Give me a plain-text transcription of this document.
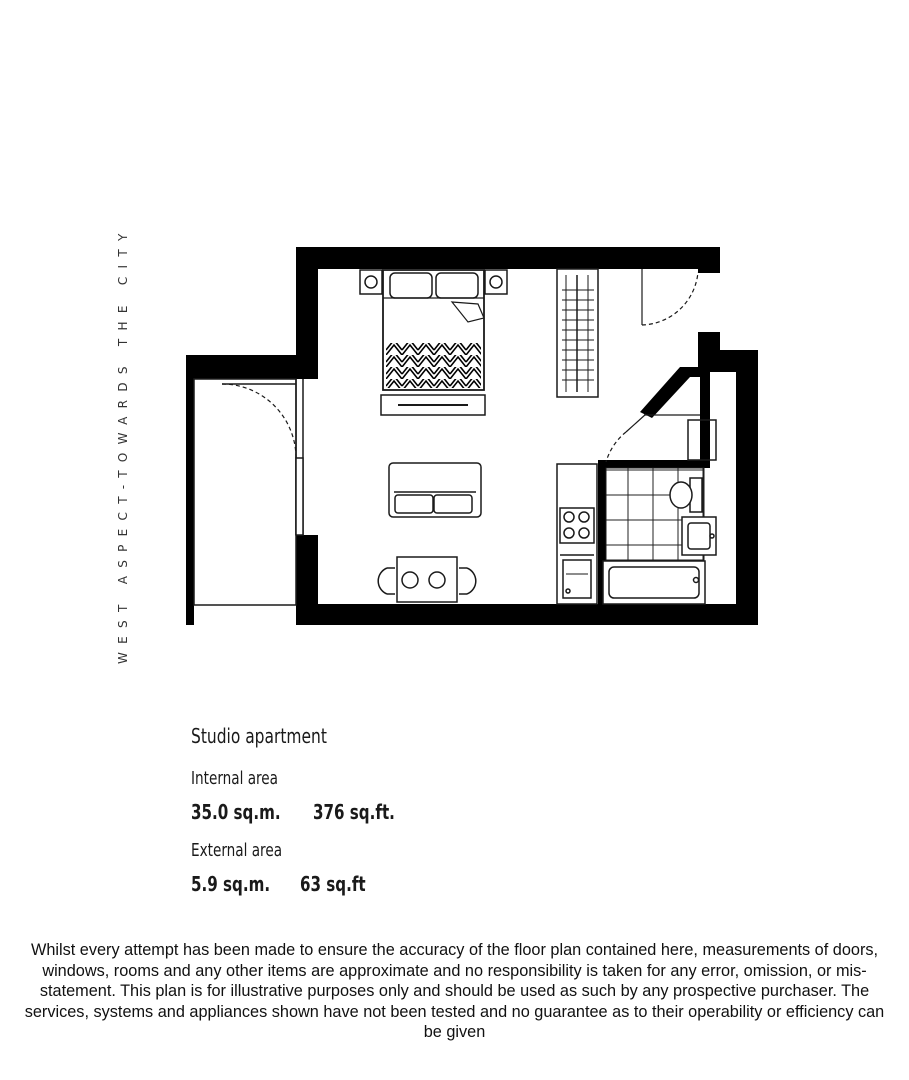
WEST ASPECT-TOWARDS THE CITY
Studio apartment
Internal area
35.0 sq.m. 376 sq.ft.
External area
5.9 sq.m. 63 sq.ft
Whilst every attempt has been made to ensure the accuracy of the floor plan contained here, measurements of doors, windows, rooms and any other items are approximate and no responsibility is taken for any error, omission, or mis-statement. This plan is for illustrative purposes only and should be used as such by any prospective purchaser. The services, systems and appliances shown have not been tested and no guarantee as to their operability or efficiency can be given
